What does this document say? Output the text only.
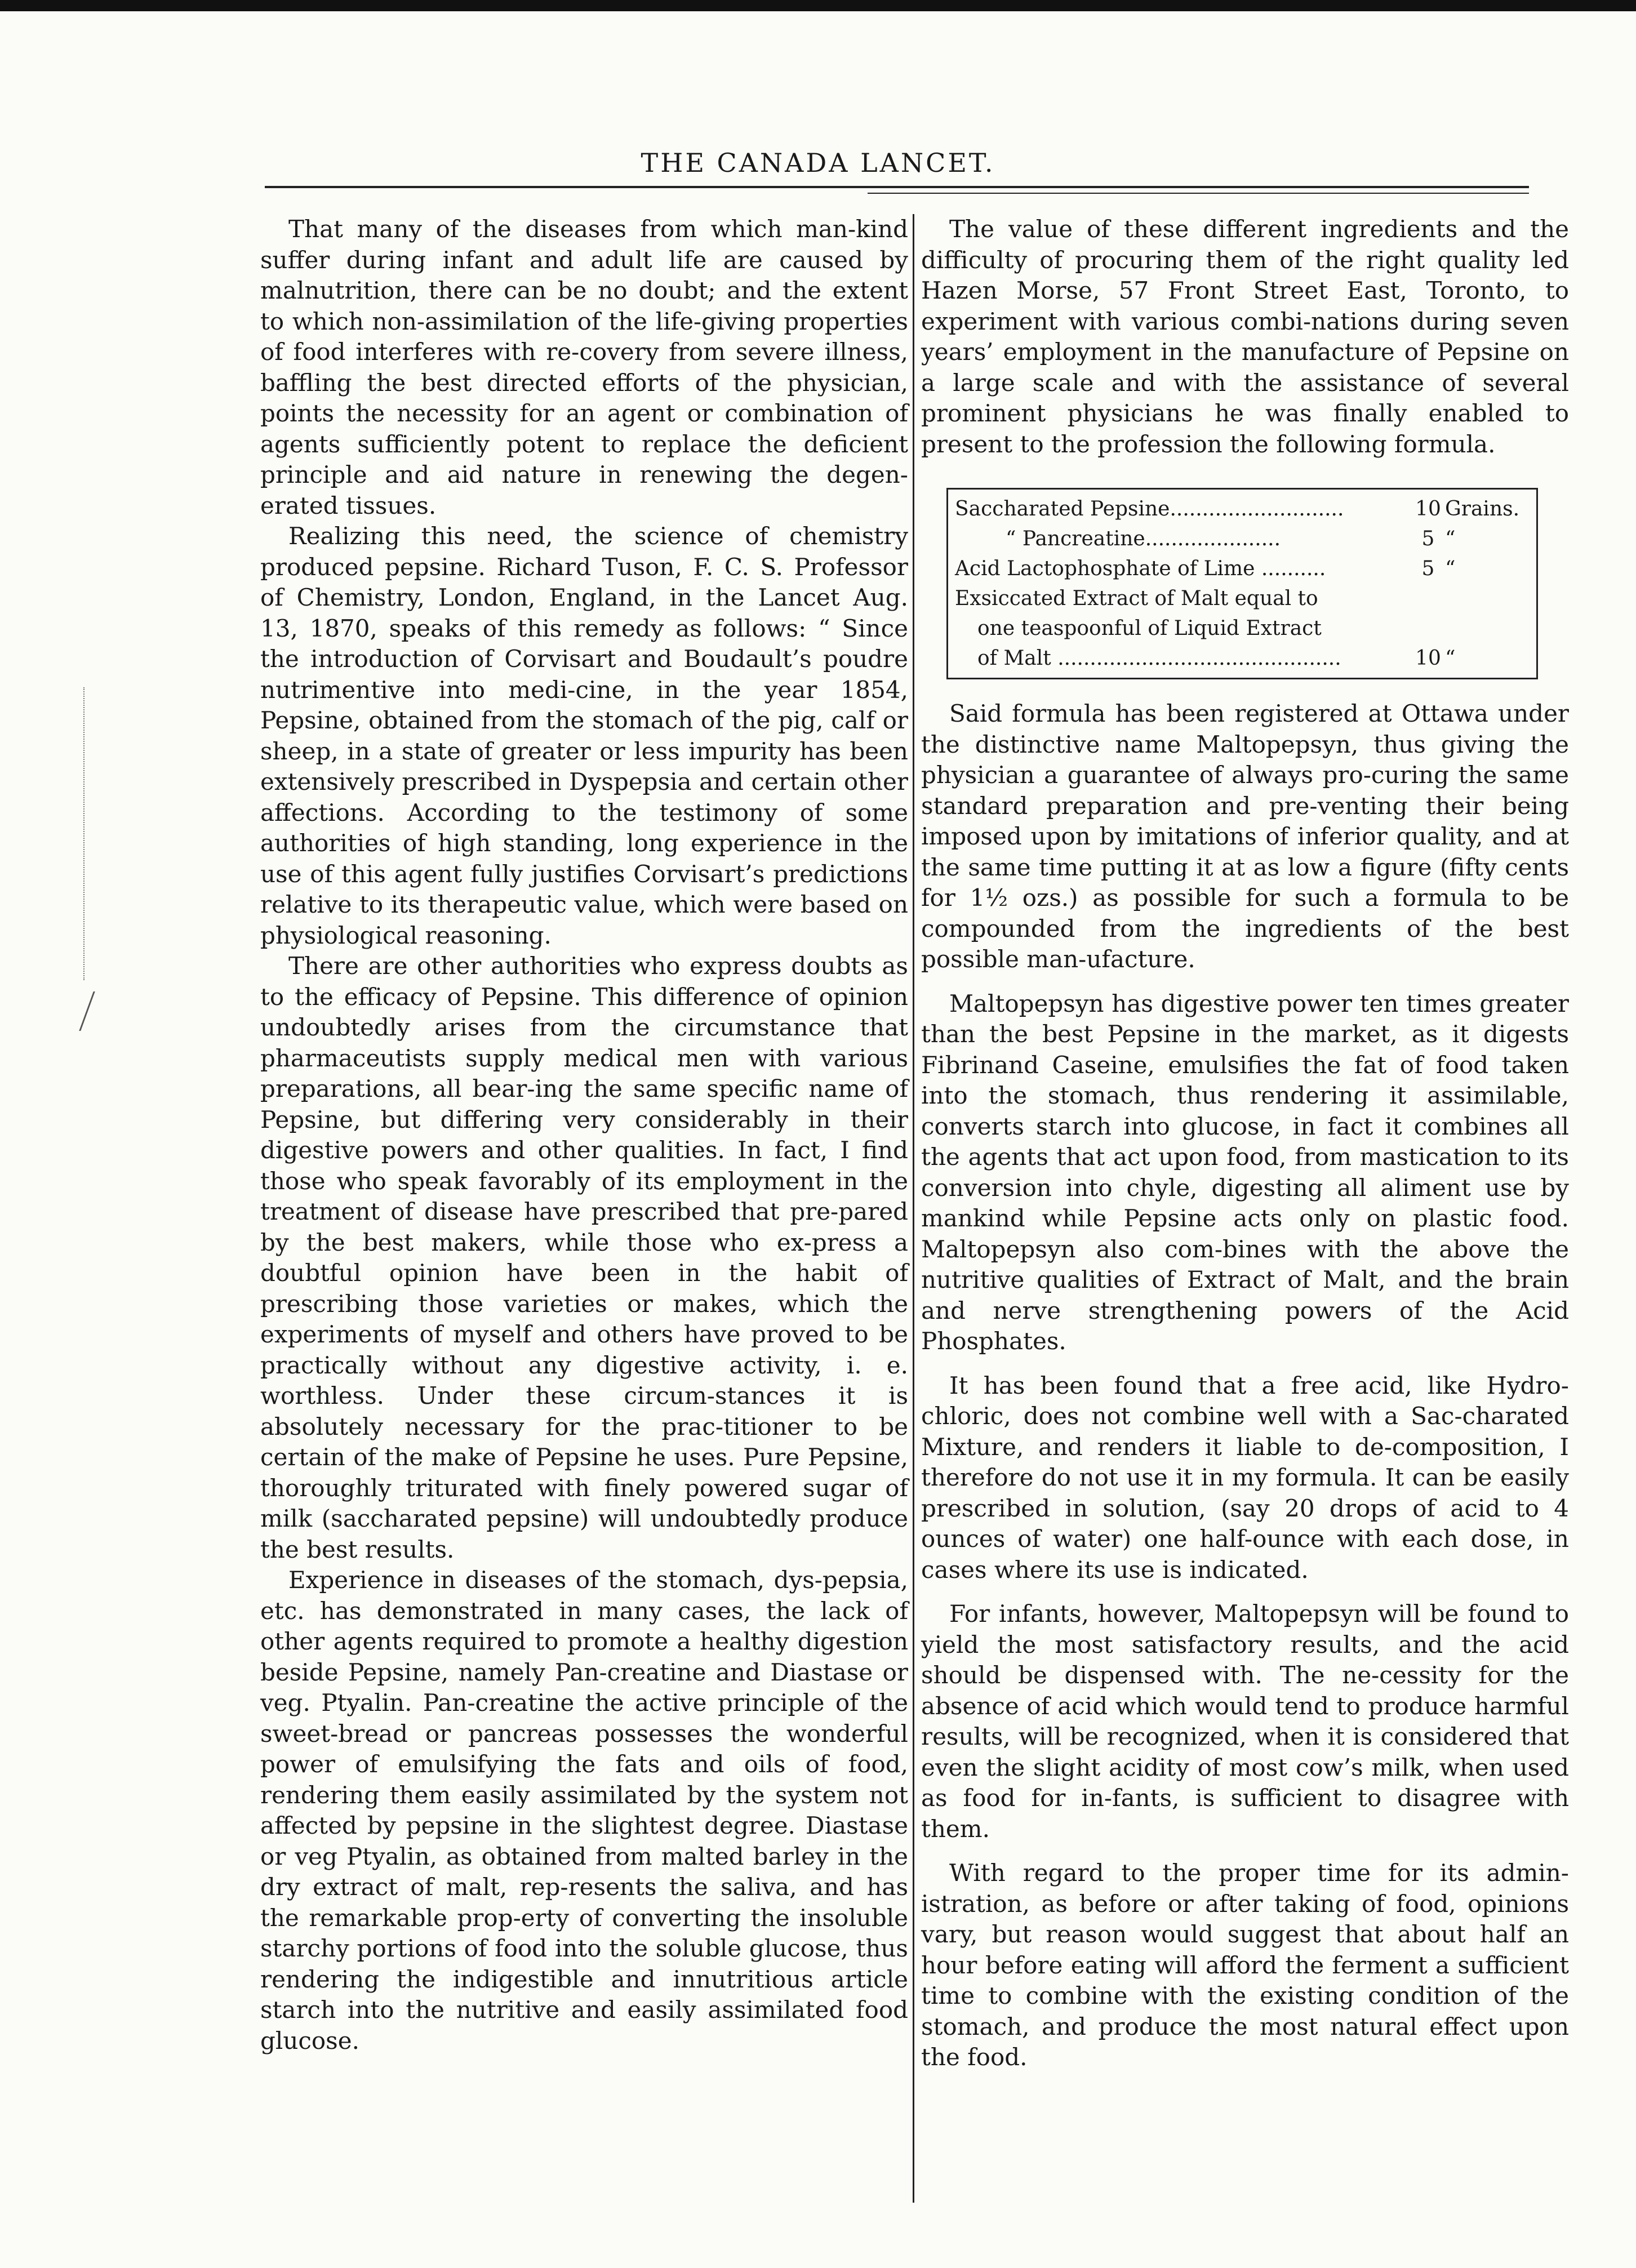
THE CANADA LANCET.

That many of the diseases from which man-kind suffer during infant and adult life are caused by malnutrition, there can be no doubt; and the extent to which non-assimilation of the life-giving properties of food interferes with re-covery from severe illness, baffling the best directed efforts of the physician, points the necessity for an agent or combination of agents sufficiently potent to replace the deficient principle and aid nature in renewing the degen-erated tissues.

Realizing this need, the science of chemistry produced pepsine. Richard Tuson, F. C. S. Professor of Chemistry, London, England, in the Lancet Aug. 13, 1870, speaks of this remedy as follows: “ Since the introduction of Corvisart and Boudault’s poudre nutrimentive into medi-cine, in the year 1854, Pepsine, obtained from the stomach of the pig, calf or sheep, in a state of greater or less impurity has been extensively prescribed in Dyspepsia and certain other affections. According to the testimony of some authorities of high standing, long experience in the use of this agent fully justifies Corvisart’s predictions relative to its therapeutic value, which were based on physiological reasoning.

There are other authorities who express doubts as to the efficacy of Pepsine. This difference of opinion undoubtedly arises from the circumstance that pharmaceutists supply medical men with various preparations, all bear-ing the same specific name of Pepsine, but differing very considerably in their digestive powers and other qualities. In fact, I find those who speak favorably of its employment in the treatment of disease have prescribed that pre-pared by the best makers, while those who ex-press a doubtful opinion have been in the habit of prescribing those varieties or makes, which the experiments of myself and others have proved to be practically without any digestive activity, i. e. worthless. Under these circum-stances it is absolutely necessary for the prac-titioner to be certain of the make of Pepsine he uses. Pure Pepsine, thoroughly triturated with finely powered sugar of milk (saccharated pepsine) will undoubtedly produce the best results.

Experience in diseases of the stomach, dys-pepsia, etc. has demonstrated in many cases, the lack of other agents required to promote a healthy digestion beside Pepsine, namely Pan-creatine and Diastase or veg. Ptyalin. Pan-creatine the active principle of the sweet-bread or pancreas possesses the wonderful power of emulsifying the fats and oils of food, rendering them easily assimilated by the system not affected by pepsine in the slightest degree. Diastase or veg Ptyalin, as obtained from malted barley in the dry extract of malt, rep-resents the saliva, and has the remarkable prop-erty of converting the insoluble starchy portions of food into the soluble glucose, thus rendering the indigestible and innutritious article starch into the nutritive and easily assimilated food glucose.

The value of these different ingredients and the difficulty of procuring them of the right quality led Hazen Morse, 57 Front Street East, Toronto, to experiment with various combi-nations during seven years’ employment in the manufacture of Pepsine on a large scale and with the assistance of several prominent physicians he was finally enabled to present to the profession the following formula.

Saccharated Pepsine...........................	10 Grains.
“ Pancreatine.....................	5 “
Acid Lactophosphate of Lime ..........	5 “
Exsiccated Extract of Malt equal to
one teaspoonful of Liquid Extract
of Malt ............................................	10 “

Said formula has been registered at Ottawa under the distinctive name Maltopepsyn, thus giving the physician a guarantee of always pro-curing the same standard preparation and pre-venting their being imposed upon by imitations of inferior quality, and at the same time putting it at as low a figure (fifty cents for 1½ ozs.) as possible for such a formula to be compounded from the ingredients of the best possible man-ufacture.

Maltopepsyn has digestive power ten times greater than the best Pepsine in the market, as it digests Fibrinand Caseine, emulsifies the fat of food taken into the stomach, thus rendering it assimilable, converts starch into glucose, in fact it combines all the agents that act upon food, from mastication to its conversion into chyle, digesting all aliment use by mankind while Pepsine acts only on plastic food. Maltopepsyn also com-bines with the above the nutritive qualities of Extract of Malt, and the brain and nerve strengthening powers of the Acid Phosphates.

It has been found that a free acid, like Hydro-chloric, does not combine well with a Sac-charated Mixture, and renders it liable to de-composition, I therefore do not use it in my formula. It can be easily prescribed in solution, (say 20 drops of acid to 4 ounces of water) one half-ounce with each dose, in cases where its use is indicated.

For infants, however, Maltopepsyn will be found to yield the most satisfactory results, and the acid should be dispensed with. The ne-cessity for the absence of acid which would tend to produce harmful results, will be recognized, when it is considered that even the slight acidity of most cow’s milk, when used as food for in-fants, is sufficient to disagree with them.

With regard to the proper time for its admin-istration, as before or after taking of food, opinions vary, but reason would suggest that about half an hour before eating will afford the ferment a sufficient time to combine with the existing condition of the stomach, and produce the most natural effect upon the food.
